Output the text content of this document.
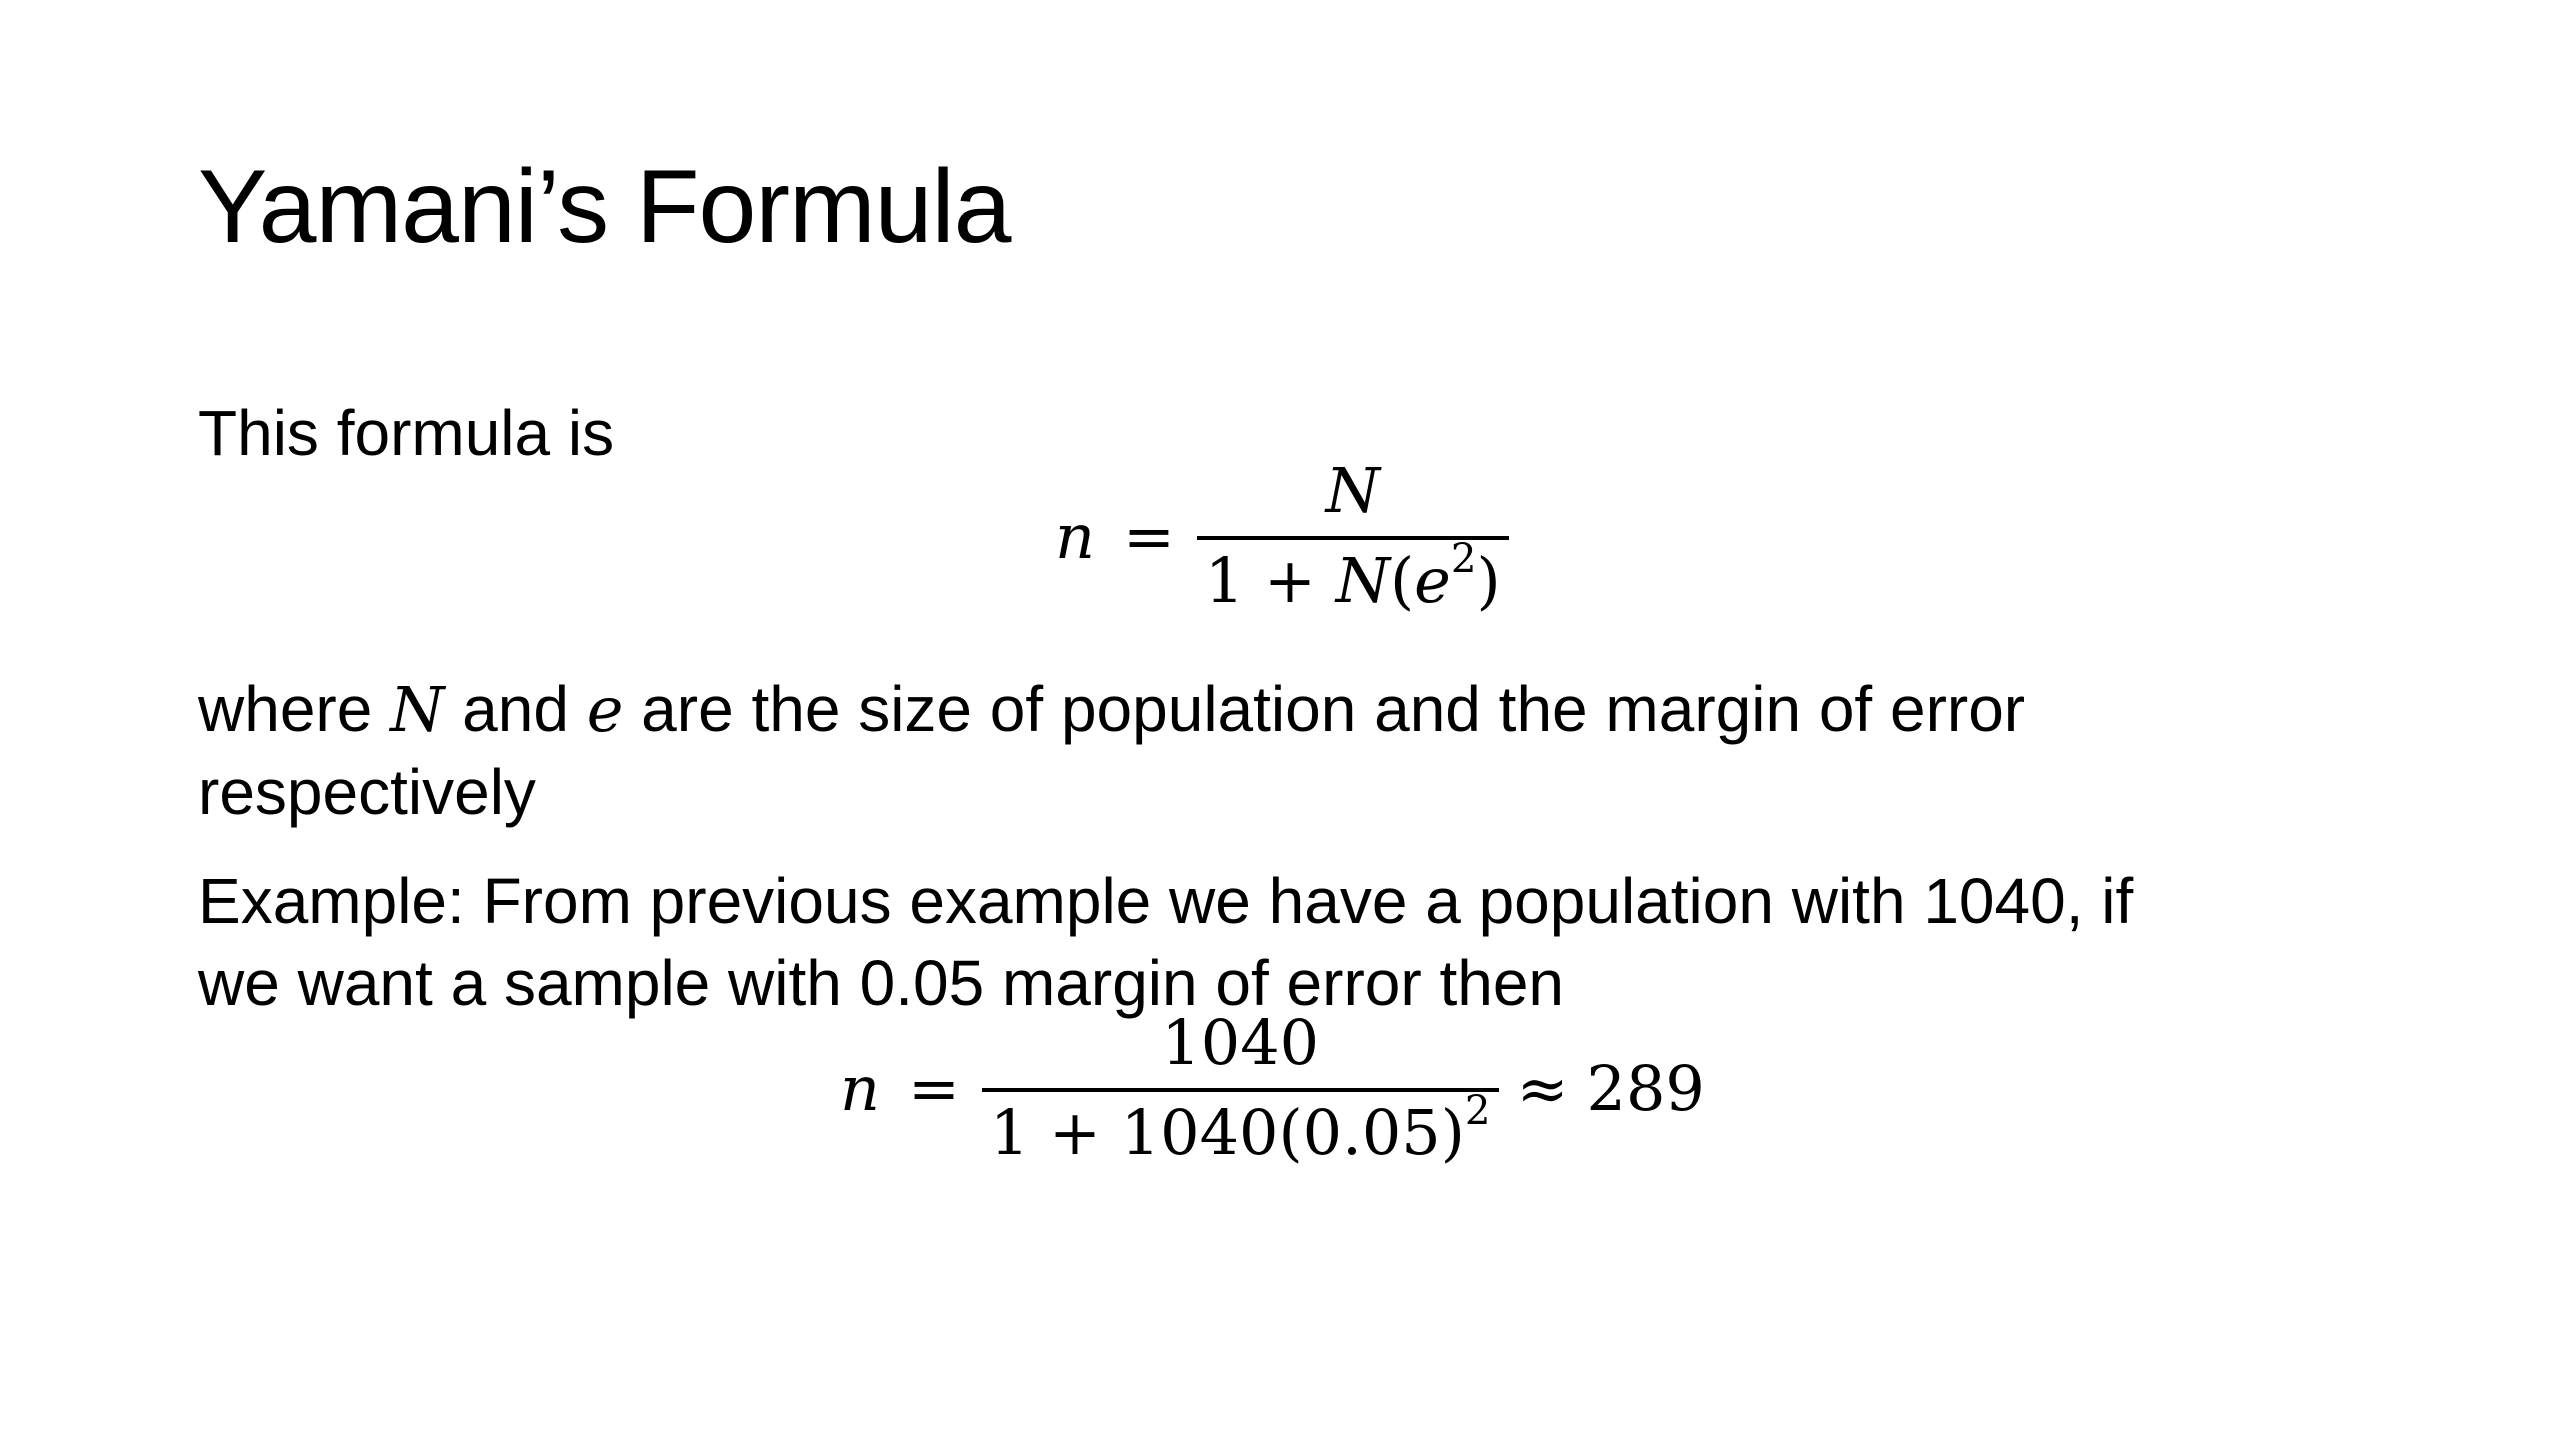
Yamani’s Formula
This formula is
$n = \frac{N}{1 + N(e^2)}$
where N and e are the size of population and the margin of error
respectively
Example: From previous example we have a population with 1040, if
we want a sample with 0.05 margin of error then
$n = \frac{1040}{1 + 1040(0.05)^2} \approx 289$
